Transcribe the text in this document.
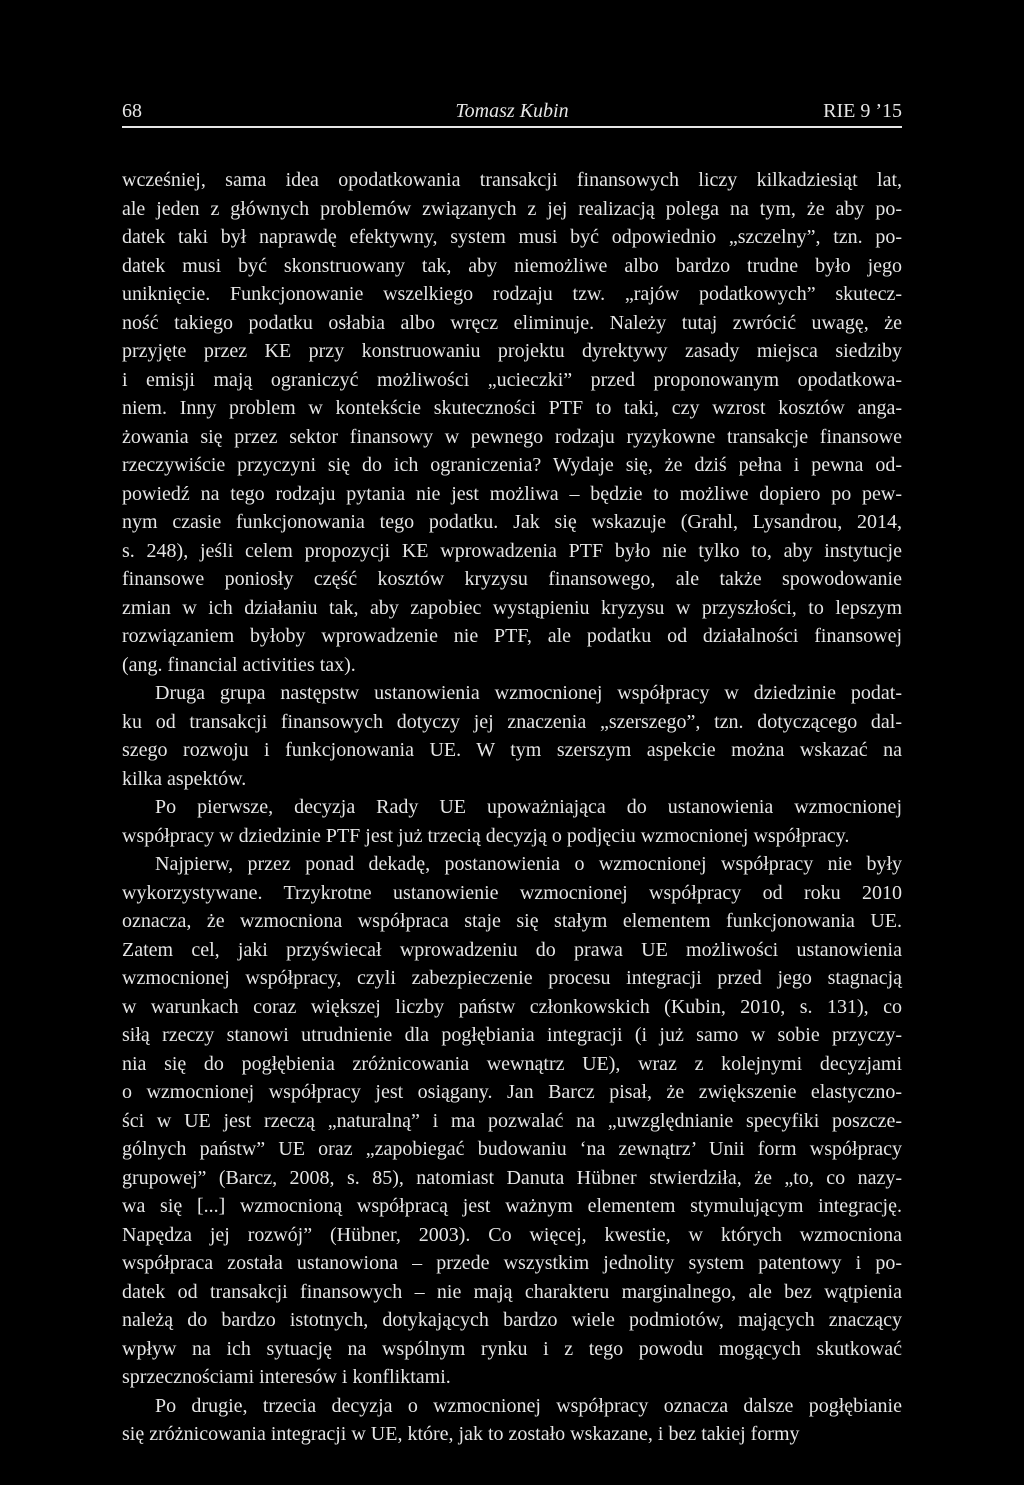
68	Tomasz Kubin	RIE 9 ’15

wcześniej, sama idea opodatkowania transakcji finansowych liczy kilkadziesiąt lat,
ale jeden z głównych problemów związanych z jej realizacją polega na tym, że aby po-
datek taki był naprawdę efektywny, system musi być odpowiednio „szczelny”, tzn. po-
datek musi być skonstruowany tak, aby niemożliwe albo bardzo trudne było jego
uniknięcie. Funkcjonowanie wszelkiego rodzaju tzw. „rajów podatkowych” skutecz-
ność takiego podatku osłabia albo wręcz eliminuje. Należy tutaj zwrócić uwagę, że
przyjęte przez KE przy konstruowaniu projektu dyrektywy zasady miejsca siedziby
i emisji mają ograniczyć możliwości „ucieczki” przed proponowanym opodatkowa-
niem. Inny problem w kontekście skuteczności PTF to taki, czy wzrost kosztów anga-
żowania się przez sektor finansowy w pewnego rodzaju ryzykowne transakcje finansowe
rzeczywiście przyczyni się do ich ograniczenia? Wydaje się, że dziś pełna i pewna od-
powiedź na tego rodzaju pytania nie jest możliwa – będzie to możliwe dopiero po pew-
nym czasie funkcjonowania tego podatku. Jak się wskazuje (Grahl, Lysandrou, 2014,
s. 248), jeśli celem propozycji KE wprowadzenia PTF było nie tylko to, aby instytucje
finansowe poniosły część kosztów kryzysu finansowego, ale także spowodowanie
zmian w ich działaniu tak, aby zapobiec wystąpieniu kryzysu w przyszłości, to lepszym
rozwiązaniem byłoby wprowadzenie nie PTF, ale podatku od działalności finansowej
(ang. financial activities tax).

Druga grupa następstw ustanowienia wzmocnionej współpracy w dziedzinie podat-
ku od transakcji finansowych dotyczy jej znaczenia „szerszego”, tzn. dotyczącego dal-
szego rozwoju i funkcjonowania UE. W tym szerszym aspekcie można wskazać na
kilka aspektów.

Po pierwsze, decyzja Rady UE upoważniająca do ustanowienia wzmocnionej
współpracy w dziedzinie PTF jest już trzecią decyzją o podjęciu wzmocnionej współpracy.

Najpierw, przez ponad dekadę, postanowienia o wzmocnionej współpracy nie były
wykorzystywane. Trzykrotne ustanowienie wzmocnionej współpracy od roku 2010
oznacza, że wzmocniona współpraca staje się stałym elementem funkcjonowania UE.
Zatem cel, jaki przyświecał wprowadzeniu do prawa UE możliwości ustanowienia
wzmocnionej współpracy, czyli zabezpieczenie procesu integracji przed jego stagnacją
w warunkach coraz większej liczby państw członkowskich (Kubin, 2010, s. 131), co
siłą rzeczy stanowi utrudnienie dla pogłębiania integracji (i już samo w sobie przyczy-
nia się do pogłębienia zróżnicowania wewnątrz UE), wraz z kolejnymi decyzjami
o wzmocnionej współpracy jest osiągany. Jan Barcz pisał, że zwiększenie elastyczno-
ści w UE jest rzeczą „naturalną” i ma pozwalać na „uwzględnianie specyfiki poszcze-
gólnych państw” UE oraz „zapobiegać budowaniu ‘na zewnątrz’ Unii form współpracy
grupowej” (Barcz, 2008, s. 85), natomiast Danuta Hübner stwierdziła, że „to, co nazy-
wa się [...] wzmocnioną współpracą jest ważnym elementem stymulującym integrację.
Napędza jej rozwój” (Hübner, 2003). Co więcej, kwestie, w których wzmocniona
współpraca została ustanowiona – przede wszystkim jednolity system patentowy i po-
datek od transakcji finansowych – nie mają charakteru marginalnego, ale bez wątpienia
należą do bardzo istotnych, dotykających bardzo wiele podmiotów, mających znaczący
wpływ na ich sytuację na wspólnym rynku i z tego powodu mogących skutkować
sprzecznościami interesów i konfliktami.

Po drugie, trzecia decyzja o wzmocnionej współpracy oznacza dalsze pogłębianie
się zróżnicowania integracji w UE, które, jak to zostało wskazane, i bez takiej formy
